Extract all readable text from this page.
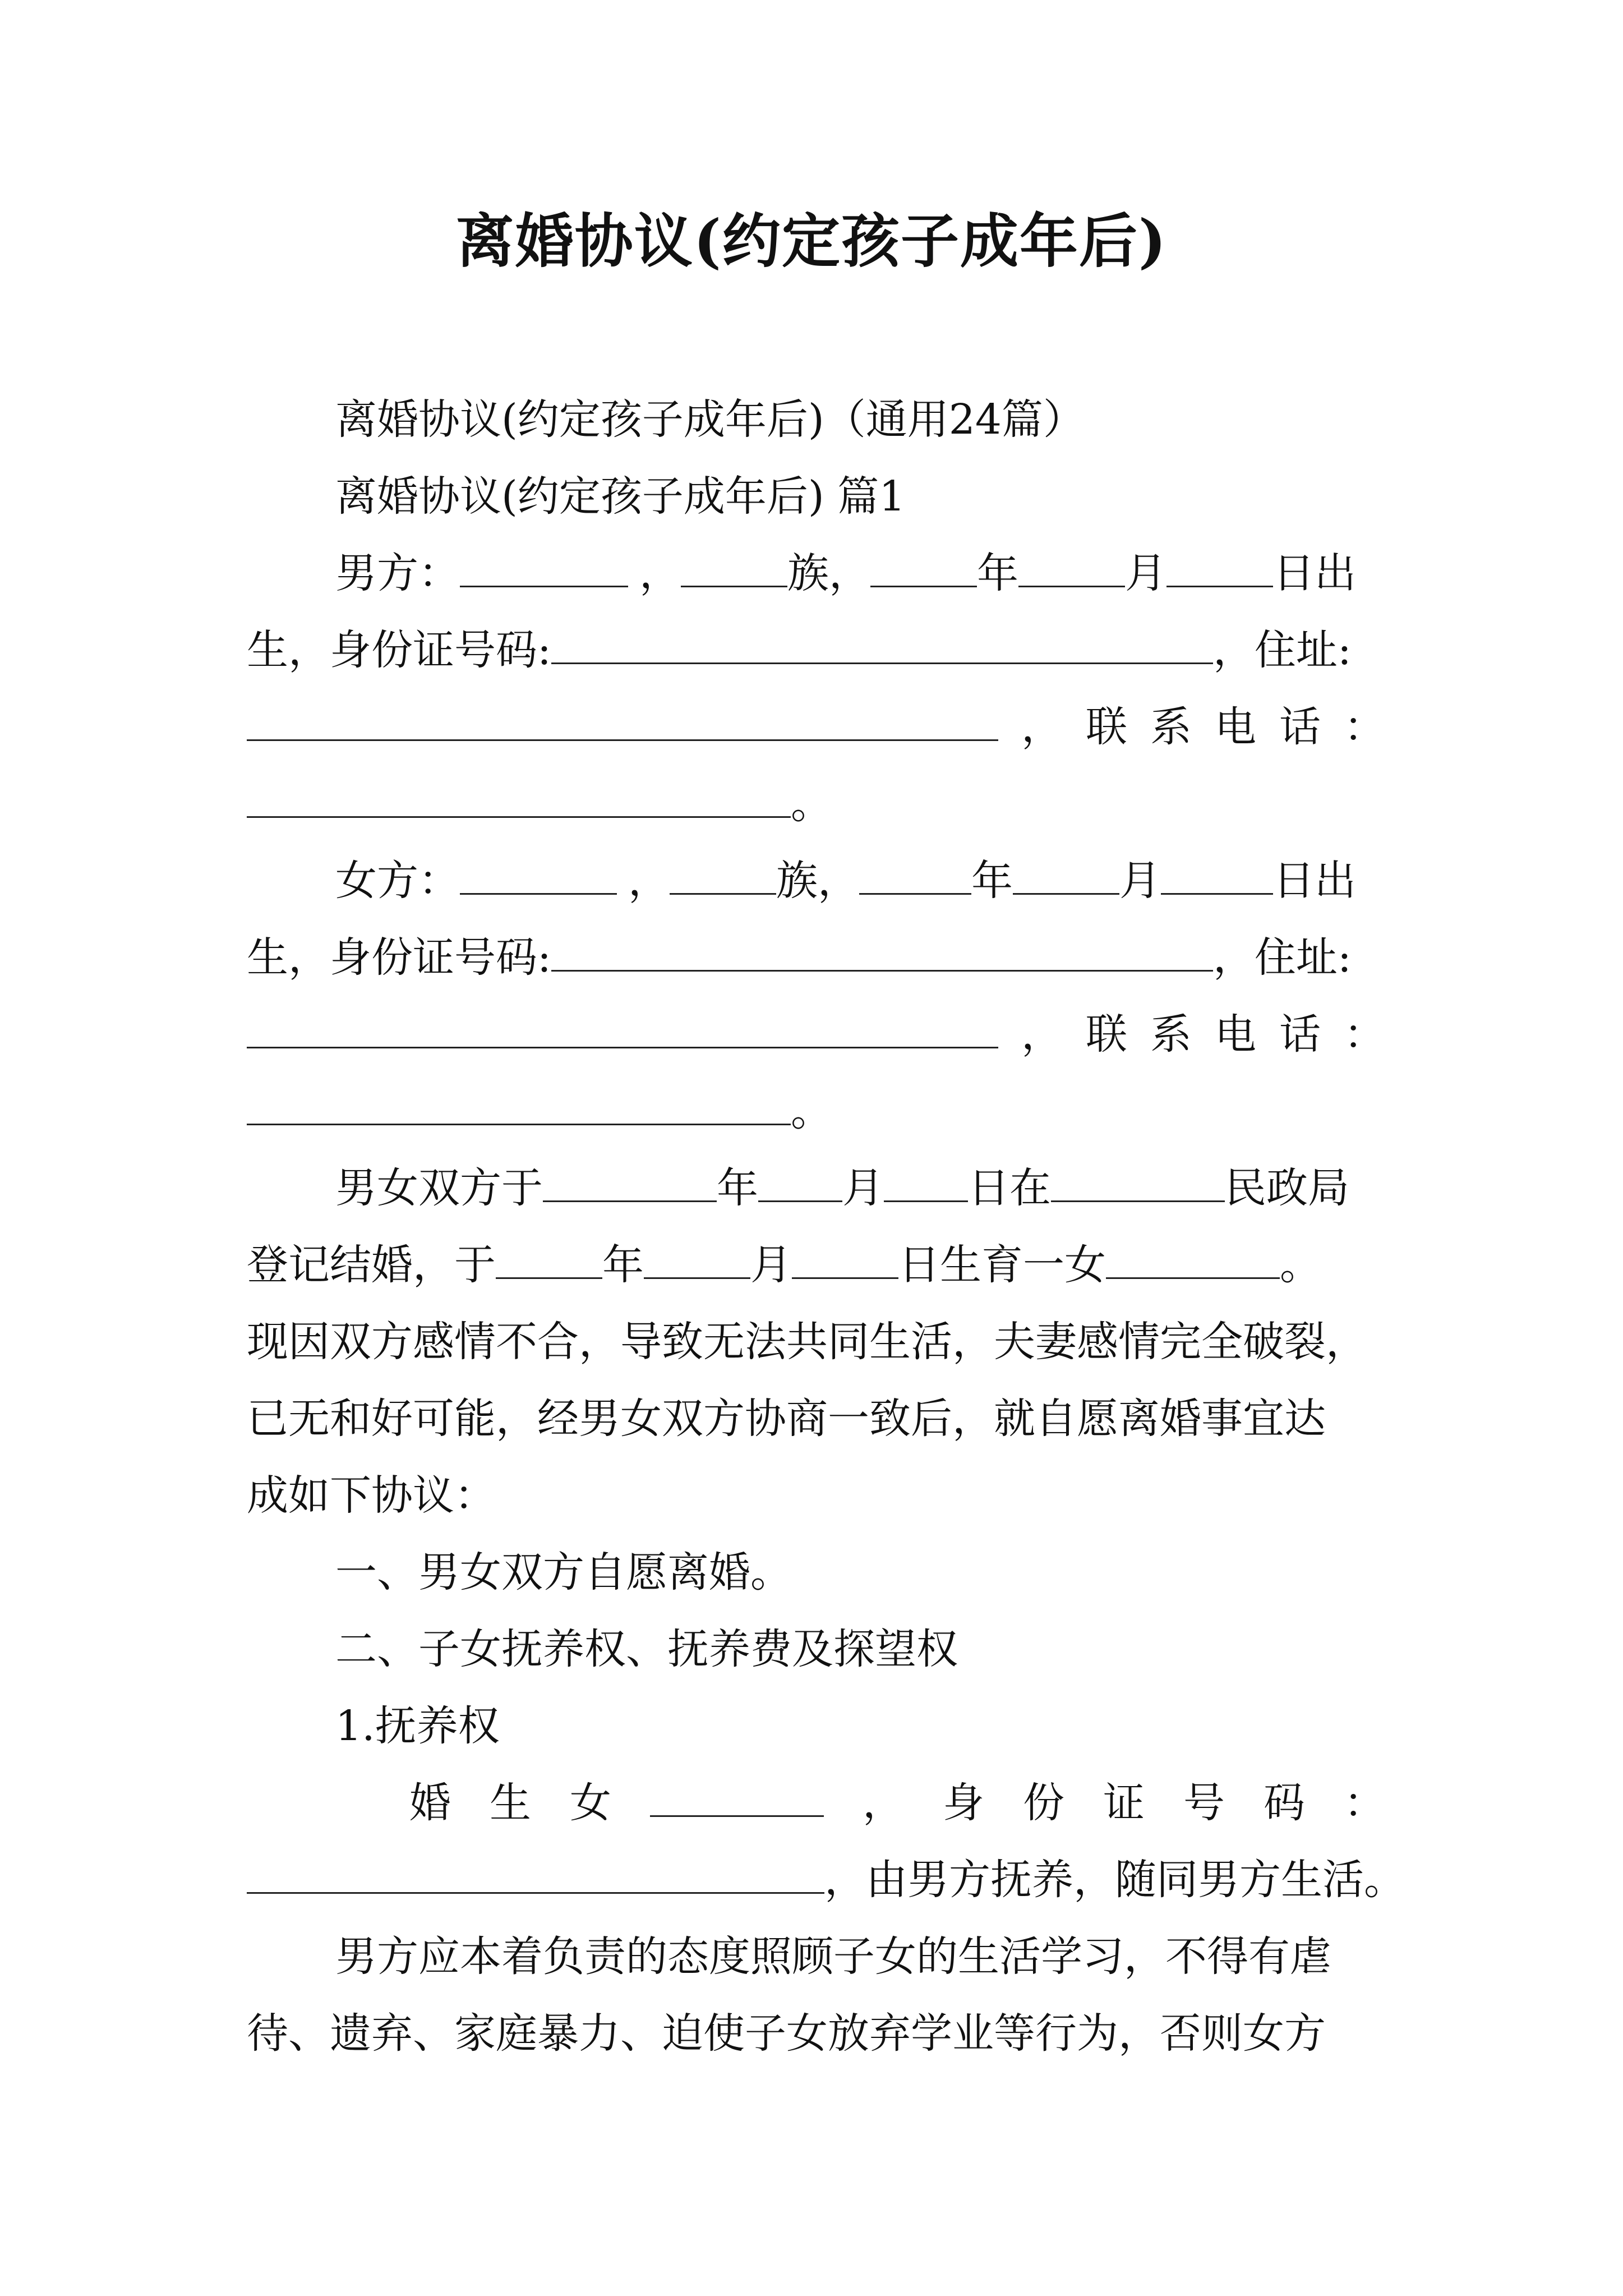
离婚协议(约定孩子成年后)
离婚协议(约定孩子成年后)（通用24篇）
离婚协议(约定孩子成年后) 篇1
男方：	，	族，	年	月	日出
生，身份证号码:	，住址:
， 联 系 电 话 ：
。
女方：	，	族，	年	月	日出
生，身份证号码:	，住址:
， 联 系 电 话 ：
。
男女双方于	年 月 日在	民政局
登记结婚，于	年	月	日生育一女	。
现因双方感情不合，导致无法共同生活，夫妻感情完全破裂，
已无和好可能，经男女双方协商一致后，就自愿离婚事宜达
成如下协议：
一、男女双方自愿离婚。
二、子女抚养权、抚养费及探望权
1.抚养权
婚 生 女	， 身 份 证 号 码 ：
，由男方抚养，随同男方生活。
男方应本着负责的态度照顾子女的生活学习，不得有虐
待、遗弃、家庭暴力、迫使子女放弃学业等行为，否则女方
